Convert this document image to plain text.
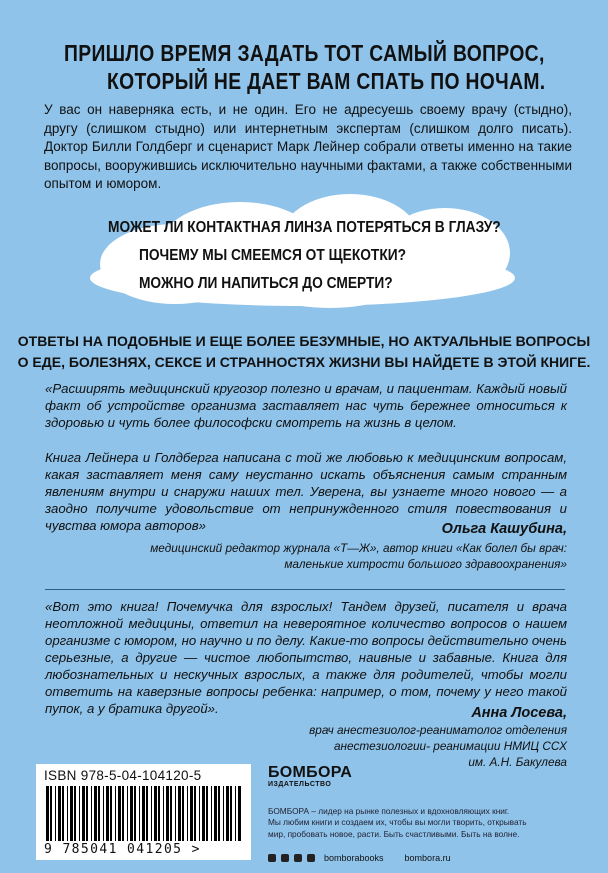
ПРИШЛО ВРЕМЯ ЗАДАТЬ ТОТ САМЫЙ ВОПРОС,
КОТОРЫЙ НЕ ДАЕТ ВАМ СПАТЬ ПО НОЧАМ.
У вас он наверняка есть, и не один. Его не адресуешь своему врачу (стыдно), другу (слишком стыдно) или интернетным экспертам (слишком долго писать). Доктор Билли Голдберг и сценарист Марк Лейнер собрали ответы именно на такие вопросы, вооружившись исключительно научными фактами, а также собственными опытом и юмором.
МОЖЕТ ЛИ КОНТАКТНАЯ ЛИНЗА ПОТЕРЯТЬСЯ В ГЛАЗУ?
ПОЧЕМУ МЫ СМЕЕМСЯ ОТ ЩЕКОТКИ?
МОЖНО ЛИ НАПИТЬСЯ ДО СМЕРТИ?
ОТВЕТЫ НА ПОДОБНЫЕ И ЕЩЕ БОЛЕЕ БЕЗУМНЫЕ, НО АКТУАЛЬНЫЕ ВОПРОСЫ
О ЕДЕ, БОЛЕЗНЯХ, СЕКСЕ И СТРАННОСТЯХ ЖИЗНИ ВЫ НАЙДЕТЕ В ЭТОЙ КНИГЕ.
«Расширять медицинский кругозор полезно и врачам, и пациентам. Каждый новый факт об устройстве организма заставляет нас чуть бережнее относиться к здоровью и чуть более философски смотреть на жизнь в целом.
Книга Лейнера и Голдберга написана с той же любовью к медицинским вопросам, какая заставляет меня саму неустанно искать объяснения самым странным явлениям внутри и снаружи наших тел. Уверена, вы узнаете много нового — а заодно получите удовольствие от непринужденного стиля повествования и чувства юмора авторов»	Ольга Кашубина,
медицинский редактор журнала «Т—Ж», автор книги «Как болел бы врач:
маленькие хитрости большого здравоохранения»
«Вот это книга! Почемучка для взрослых! Тандем друзей, писателя и врача неотложной медицины, ответил на невероятное количество вопросов о нашем организме с юмором, но научно и по делу. Какие-то вопросы действительно очень серьезные, а другие — чистое любопытство, наивные и забавные. Книга для любознательных и нескучных взрослых, а также для родителей, чтобы могли ответить на каверзные вопросы ребенка: например, о том, почему у него такой пупок, а у братика другой».	Анна Лосева,
врач анестезиолог-реаниматолог отделения
анестезиологии- реанимации НМИЦ ССХ
им. А.Н. Бакулева
ISBN 978-5-04-104120-5
9 785041 041205 >
БОМБОРА
ИЗДАТЕЛЬСТВО
БОМБОРА – лидер на рынке полезных и вдохновляющих книг.
Мы любим книги и создаем их, чтобы вы могли творить, открывать
мир, пробовать новое, расти. Быть счастливыми. Быть на волне.
bomborabooks bombora.ru
